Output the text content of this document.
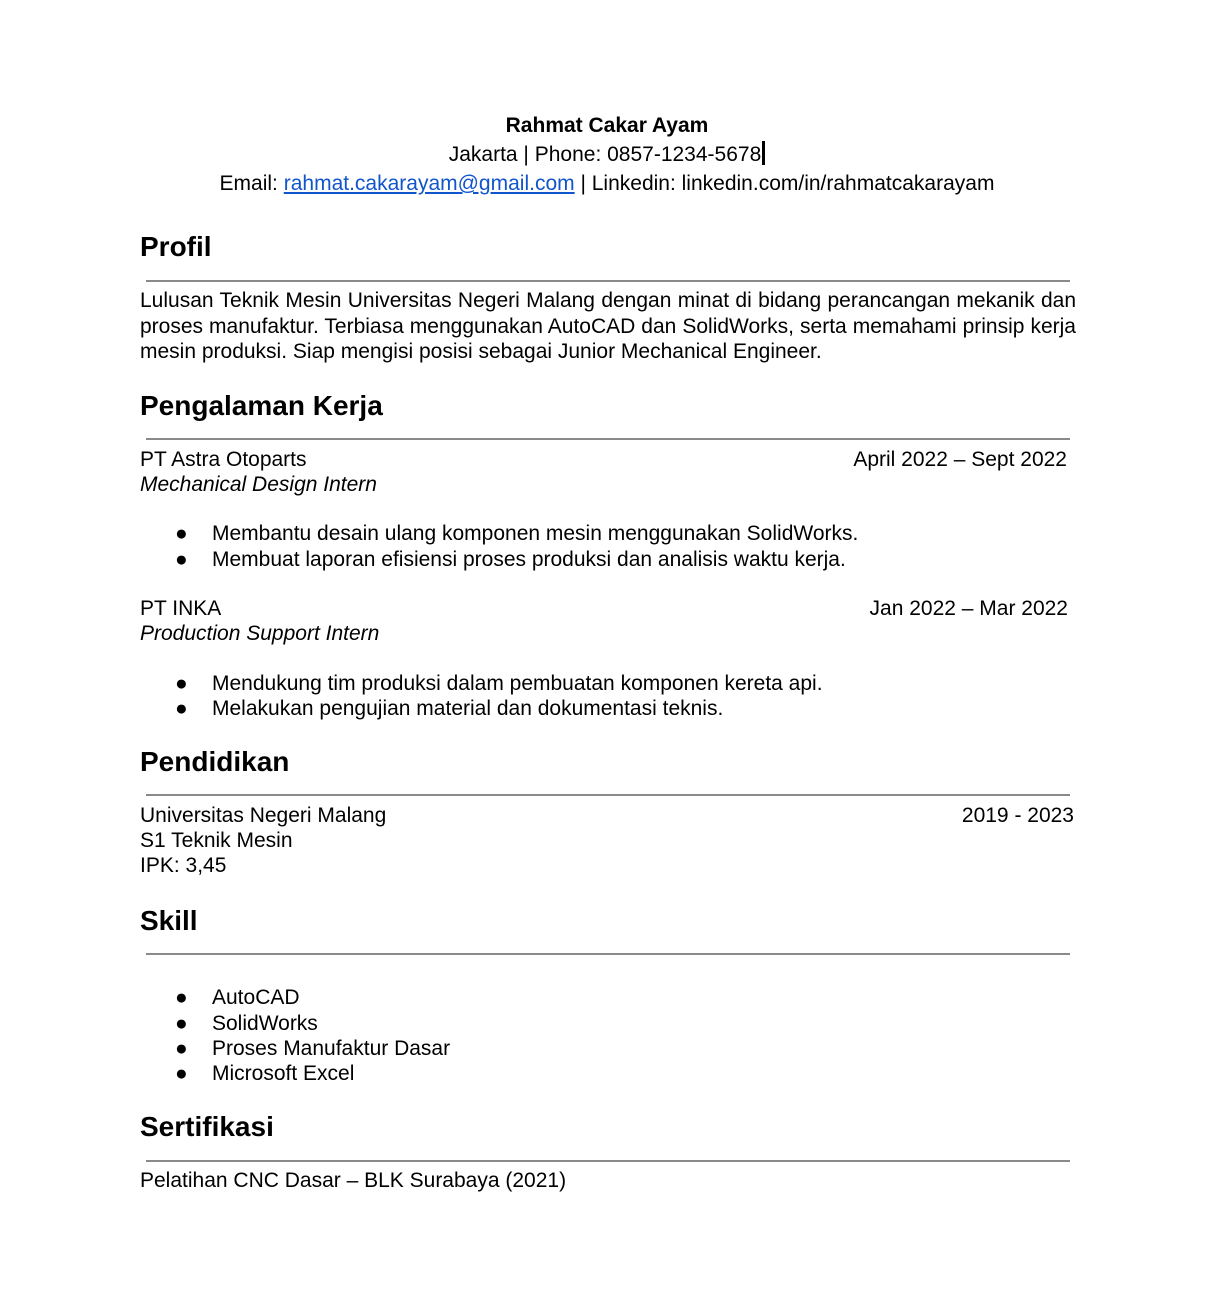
Rahmat Cakar Ayam
Jakarta | Phone: 0857-1234-5678
Email: rahmat.cakarayam@gmail.com | Linkedin: linkedin.com/in/rahmatcakarayam
Profil
Lulusan Teknik Mesin Universitas Negeri Malang dengan minat di bidang perancangan mekanik dan proses manufaktur. Terbiasa menggunakan AutoCAD dan SolidWorks, serta memahami prinsip kerja mesin produksi. Siap mengisi posisi sebagai Junior Mechanical Engineer.
Pengalaman Kerja
PT Astra Otoparts	April 2022 – Sept 2022
Mechanical Design Intern
● Membantu desain ulang komponen mesin menggunakan SolidWorks.
● Membuat laporan efisiensi proses produksi dan analisis waktu kerja.
PT INKA	Jan 2022 – Mar 2022
Production Support Intern
● Mendukung tim produksi dalam pembuatan komponen kereta api.
● Melakukan pengujian material dan dokumentasi teknis.
Pendidikan
Universitas Negeri Malang	2019 - 2023
S1 Teknik Mesin
IPK: 3,45
Skill
● AutoCAD
● SolidWorks
● Proses Manufaktur Dasar
● Microsoft Excel
Sertifikasi
Pelatihan CNC Dasar – BLK Surabaya (2021)
